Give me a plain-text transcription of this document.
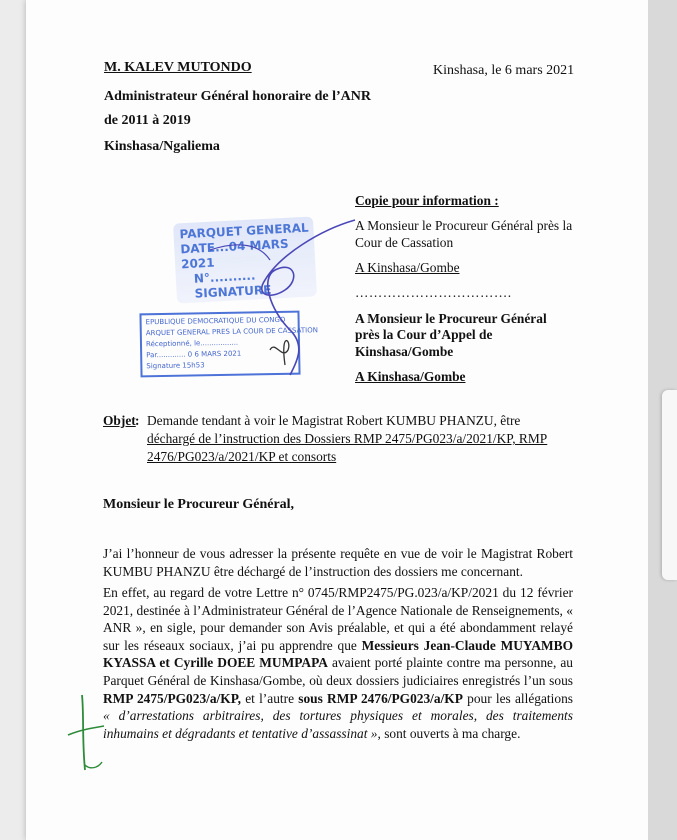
M. KALEV MUTONDO
Administrateur Général honoraire de l’ANR
de 2011 à 2019
Kinshasa/Ngaliema
Kinshasa, le 6 mars 2021
PARQUET GENERAL
DATE...04 MARS 2021
N°..........
SIGNATURE
EPUBLIQUE DEMOCRATIQUE DU CONGO
ARQUET GENERAL PRES LA COUR DE CASSATION
Réceptionné, le.................
Par............. 0 6 MARS 2021
Signature 15h53
Copie pour information :
A Monsieur le Procureur Général près la
Cour de Cassation
A Kinshasa/Gombe
…………………………….
A Monsieur le Procureur Général
près la Cour d’Appel de
Kinshasa/Gombe
A Kinshasa/Gombe
Objet : Demande tendant à voir le Magistrat Robert KUMBU PHANZU, être
déchargé de l’instruction des Dossiers RMP 2475/PG023/a/2021/KP, RMP
2476/PG023/a/2021/KP et consorts
Monsieur le Procureur Général,
J’ai l’honneur de vous adresser la présente requête en vue de voir le Magistrat Robert KUMBU PHANZU être déchargé de l’instruction des dossiers me concernant.
En effet, au regard de votre Lettre n° 0745/RMP2475/PG.023/a/KP/2021 du 12 février 2021, destinée à l’Administrateur Général de l’Agence Nationale de Renseignements, « ANR », en sigle, pour demander son Avis préalable, et qui a été abondamment relayé sur les réseaux sociaux, j’ai pu apprendre que Messieurs Jean-Claude MUYAMBO KYASSA et Cyrille DOEE MUMPAPA avaient porté plainte contre ma personne, au Parquet Général de Kinshasa/Gombe, où deux dossiers judiciaires enregistrés l’un sous RMP 2475/PG023/a/KP, et l’autre sous RMP 2476/PG023/a/KP pour les allégations « d’arrestations arbitraires, des tortures physiques et morales, des traitements inhumains et dégradants et tentative d’assassinat », sont ouverts à ma charge.
